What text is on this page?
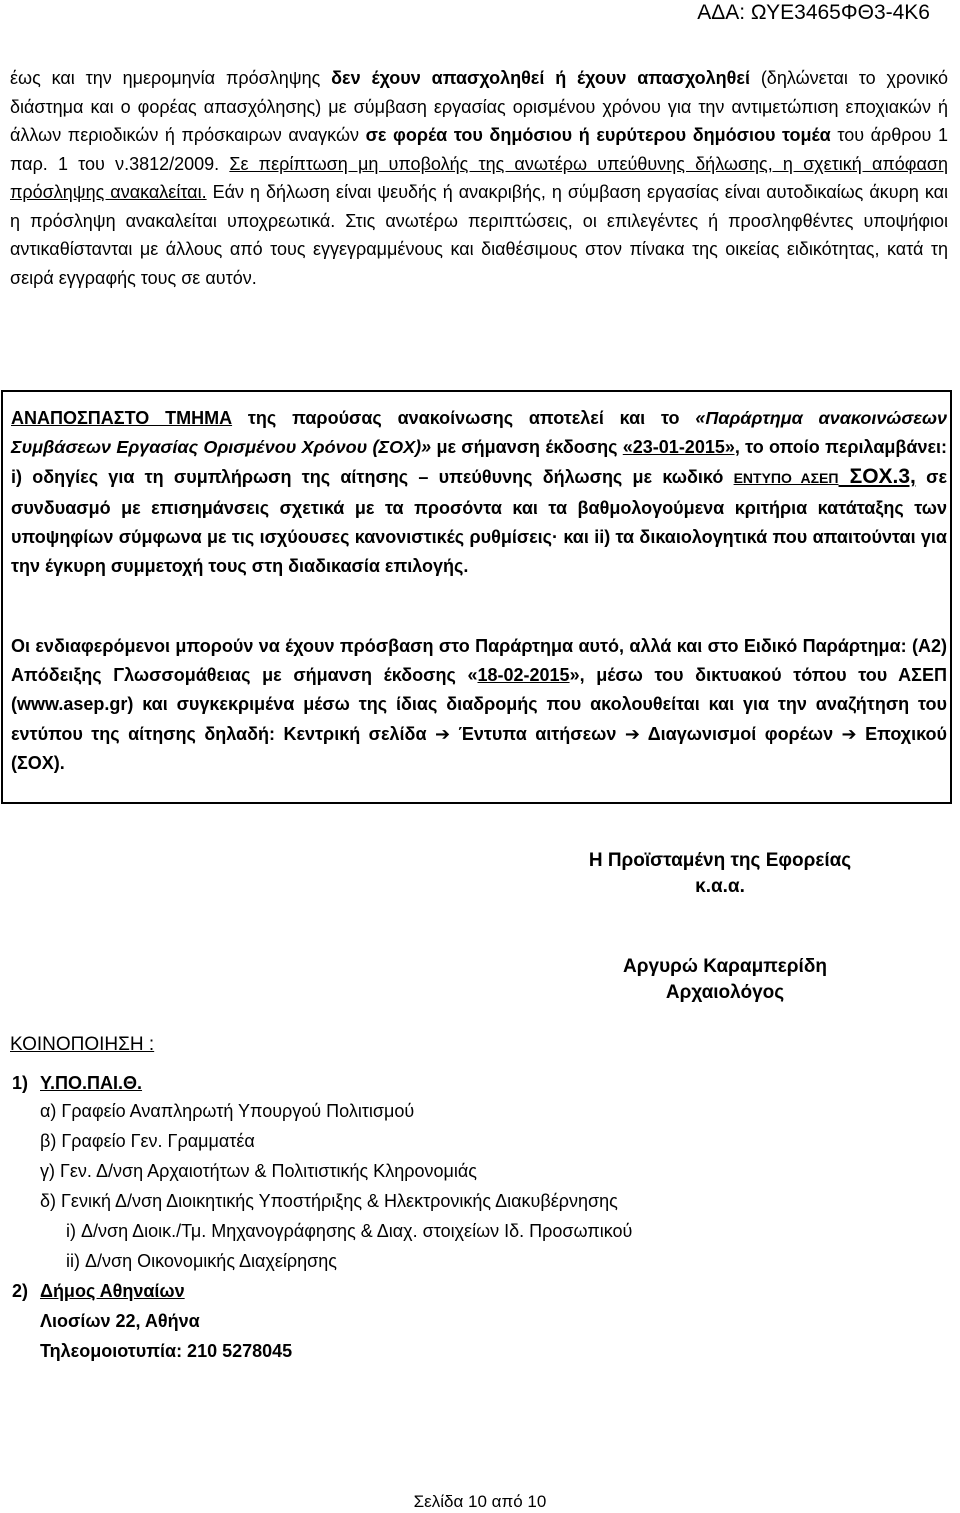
ΑΔΑ: ΩΥΕ3465ΦΘ3-4Κ6

έως και την ημερομηνία πρόσληψης δεν έχουν απασχοληθεί ή έχουν απασχοληθεί (δηλώνεται το χρονικό διάστημα και ο φορέας απασχόλησης) με σύμβαση εργασίας ορισμένου χρόνου για την αντιμετώπιση εποχιακών ή άλλων περιοδικών ή πρόσκαιρων αναγκών σε φορέα του δημόσιου ή ευρύτερου δημόσιου τομέα του άρθρου 1 παρ. 1 του ν.3812/2009. Σε περίπτωση μη υποβολής της ανωτέρω υπεύθυνης δήλωσης, η σχετική απόφαση πρόσληψης ανακαλείται. Εάν η δήλωση είναι ψευδής ή ανακριβής, η σύμβαση εργασίας είναι αυτοδικαίως άκυρη και η πρόσληψη ανακαλείται υποχρεωτικά. Στις ανωτέρω περιπτώσεις, οι επιλεγέντες ή προσληφθέντες υποψήφιοι αντικαθίστανται με άλλους από τους εγγεγραμμένους και διαθέσιμους στον πίνακα της οικείας ειδικότητας, κατά τη σειρά εγγραφής τους σε αυτόν.

ΑΝΑΠΟΣΠΑΣΤΟ ΤΜΗΜΑ της παρούσας ανακοίνωσης αποτελεί και το «Παράρτημα ανακοινώσεων Συμβάσεων Εργασίας Ορισμένου Χρόνου (ΣΟΧ)» με σήμανση έκδοσης «23-01-2015», το οποίο περιλαμβάνει: i) οδηγίες για τη συμπλήρωση της αίτησης – υπεύθυνης δήλωσης με κωδικό ΕΝΤΥΠΟ ΑΣΕΠ ΣΟΧ.3, σε συνδυασμό με επισημάνσεις σχετικά με τα προσόντα και τα βαθμολογούμενα κριτήρια κατάταξης των υποψηφίων σύμφωνα με τις ισχύουσες κανονιστικές ρυθμίσεις· και ii) τα δικαιολογητικά που απαιτούνται για την έγκυρη συμμετοχή τους στη διαδικασία επιλογής.

Οι ενδιαφερόμενοι μπορούν να έχουν πρόσβαση στο Παράρτημα αυτό, αλλά και στο Ειδικό Παράρτημα: (Α2) Απόδειξης Γλωσσομάθειας με σήμανση έκδοσης «18-02-2015», μέσω του δικτυακού τόπου του ΑΣΕΠ (www.asep.gr) και συγκεκριμένα μέσω της ίδιας διαδρομής που ακολουθείται και για την αναζήτηση του εντύπου της αίτησης δηλαδή: Κεντρική σελίδα ➔ Έντυπα αιτήσεων ➔ Διαγωνισμοί φορέων ➔ Εποχικού (ΣΟΧ).

Η Προϊσταμένη της Εφορείας
κ.α.α.
Αργυρώ Καραμπερίδη
Αρχαιολόγος
ΚΟΙΝΟΠΟΙΗΣΗ :
1) Υ.ΠΟ.ΠΑΙ.Θ.
α) Γραφείο Αναπληρωτή Υπουργού Πολιτισμού
β) Γραφείο Γεν. Γραμματέα
γ) Γεν. Δ/νση Αρχαιοτήτων & Πολιτιστικής Κληρονομιάς
δ) Γενική Δ/νση Διοικητικής Υποστήριξης & Ηλεκτρονικής Διακυβέρνησης
i) Δ/νση Διοικ./Τμ. Μηχανογράφησης & Διαχ. στοιχείων Ιδ. Προσωπικού
ii) Δ/νση Οικονομικής Διαχείρησης
2) Δήμος Αθηναίων
Λιοσίων 22, Αθήνα
Τηλεομοιοτυπία: 210 5278045
Σελίδα 10 από 10
